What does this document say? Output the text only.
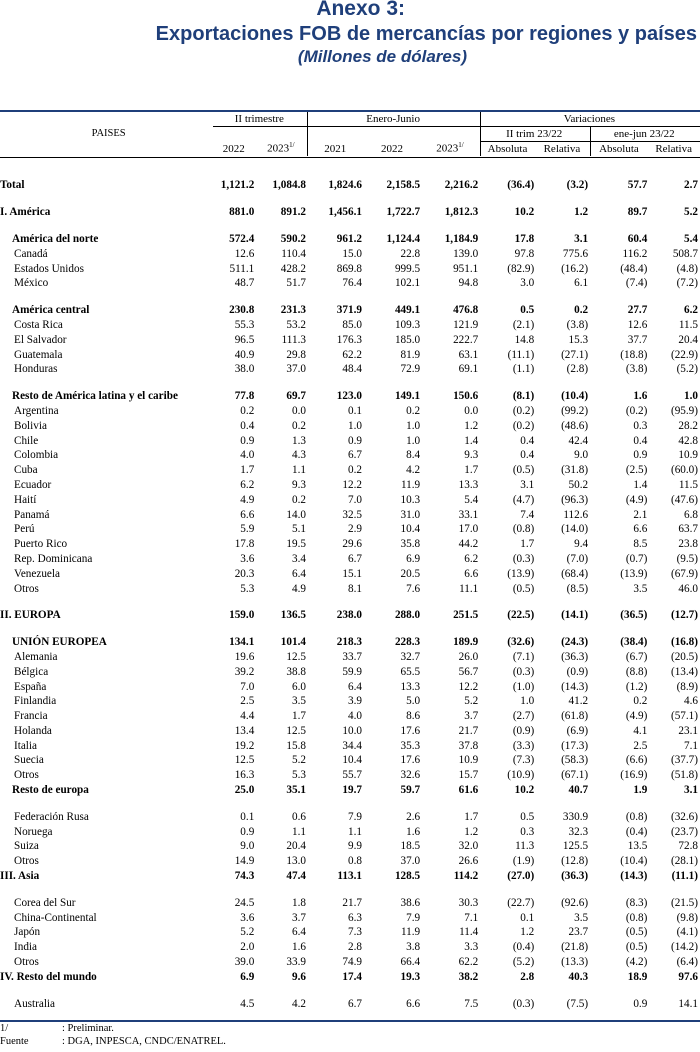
Anexo 3:
Exportaciones FOB de mercancías por regiones y países
(Millones de dólares)
	II trimestre		Enero-Junio			Variaciones			
PAISES	2022	$2023^{1/}$	2021	2022	$2023^{1/}$	II trim 23/22		ene-jun 23/22	
						Absoluta	Relativa	Absoluta	Relativa

Total	1,121.2	1,084.8	1,824.6	2,158.5	2,216.2	(36.4)	(3.2)	57.7	2.7

I. América	881.0	891.2	1,456.1	1,722.7	1,812.3	10.2	1.2	89.7	5.2

América del norte	572.4	590.2	961.2	1,124.4	1,184.9	17.8	3.1	60.4	5.4
Canadá	12.6	110.4	15.0	22.8	139.0	97.8	775.6	116.2	508.7
Estados Unidos	511.1	428.2	869.8	999.5	951.1	(82.9)	(16.2)	(48.4)	(4.8)
México	48.7	51.7	76.4	102.1	94.8	3.0	6.1	(7.4)	(7.2)

América central	230.8	231.3	371.9	449.1	476.8	0.5	0.2	27.7	6.2
Costa Rica	55.3	53.2	85.0	109.3	121.9	(2.1)	(3.8)	12.6	11.5
El Salvador	96.5	111.3	176.3	185.0	222.7	14.8	15.3	37.7	20.4
Guatemala	40.9	29.8	62.2	81.9	63.1	(11.1)	(27.1)	(18.8)	(22.9)
Honduras	38.0	37.0	48.4	72.9	69.1	(1.1)	(2.8)	(3.8)	(5.2)

Resto de América latina y el caribe	77.8	69.7	123.0	149.1	150.6	(8.1)	(10.4)	1.6	1.0
Argentina	0.2	0.0	0.1	0.2	0.0	(0.2)	(99.2)	(0.2)	(95.9)
Bolivia	0.4	0.2	1.0	1.0	1.2	(0.2)	(48.6)	0.3	28.2
Chile	0.9	1.3	0.9	1.0	1.4	0.4	42.4	0.4	42.8
Colombia	4.0	4.3	6.7	8.4	9.3	0.4	9.0	0.9	10.9
Cuba	1.7	1.1	0.2	4.2	1.7	(0.5)	(31.8)	(2.5)	(60.0)
Ecuador	6.2	9.3	12.2	11.9	13.3	3.1	50.2	1.4	11.5
Haití	4.9	0.2	7.0	10.3	5.4	(4.7)	(96.3)	(4.9)	(47.6)
Panamá	6.6	14.0	32.5	31.0	33.1	7.4	112.6	2.1	6.8
Perú	5.9	5.1	2.9	10.4	17.0	(0.8)	(14.0)	6.6	63.7
Puerto Rico	17.8	19.5	29.6	35.8	44.2	1.7	9.4	8.5	23.8
Rep. Dominicana	3.6	3.4	6.7	6.9	6.2	(0.3)	(7.0)	(0.7)	(9.5)
Venezuela	20.3	6.4	15.1	20.5	6.6	(13.9)	(68.4)	(13.9)	(67.9)
Otros	5.3	4.9	8.1	7.6	11.1	(0.5)	(8.5)	3.5	46.0

II. EUROPA	159.0	136.5	238.0	288.0	251.5	(22.5)	(14.1)	(36.5)	(12.7)

UNIÓN EUROPEA	134.1	101.4	218.3	228.3	189.9	(32.6)	(24.3)	(38.4)	(16.8)
Alemania	19.6	12.5	33.7	32.7	26.0	(7.1)	(36.3)	(6.7)	(20.5)
Bélgica	39.2	38.8	59.9	65.5	56.7	(0.3)	(0.9)	(8.8)	(13.4)
España	7.0	6.0	6.4	13.3	12.2	(1.0)	(14.3)	(1.2)	(8.9)
Finlandia	2.5	3.5	3.9	5.0	5.2	1.0	41.2	0.2	4.6
Francia	4.4	1.7	4.0	8.6	3.7	(2.7)	(61.8)	(4.9)	(57.1)
Holanda	13.4	12.5	10.0	17.6	21.7	(0.9)	(6.9)	4.1	23.1
Italia	19.2	15.8	34.4	35.3	37.8	(3.3)	(17.3)	2.5	7.1
Suecia	12.5	5.2	10.4	17.6	10.9	(7.3)	(58.3)	(6.6)	(37.7)
Otros	16.3	5.3	55.7	32.6	15.7	(10.9)	(67.1)	(16.9)	(51.8)
Resto de europa	25.0	35.1	19.7	59.7	61.6	10.2	40.7	1.9	3.1

Federación Rusa	0.1	0.6	7.9	2.6	1.7	0.5	330.9	(0.8)	(32.6)
Noruega	0.9	1.1	1.1	1.6	1.2	0.3	32.3	(0.4)	(23.7)
Suiza	9.0	20.4	9.9	18.5	32.0	11.3	125.5	13.5	72.8
Otros	14.9	13.0	0.8	37.0	26.6	(1.9)	(12.8)	(10.4)	(28.1)
III. Asia	74.3	47.4	113.1	128.5	114.2	(27.0)	(36.3)	(14.3)	(11.1)

Corea del Sur	24.5	1.8	21.7	38.6	30.3	(22.7)	(92.6)	(8.3)	(21.5)
China-Continental	3.6	3.7	6.3	7.9	7.1	0.1	3.5	(0.8)	(9.8)
Japón	5.2	6.4	7.3	11.9	11.4	1.2	23.7	(0.5)	(4.1)
India	2.0	1.6	2.8	3.8	3.3	(0.4)	(21.8)	(0.5)	(14.2)
Otros	39.0	33.9	74.9	66.4	62.2	(5.2)	(13.3)	(4.2)	(6.4)
IV. Resto del mundo	6.9	9.6	17.4	19.3	38.2	2.8	40.3	18.9	97.6

Australia	4.5	4.2	6.7	6.6	7.5	(0.3)	(7.5)	0.9	14.1
1/	: Preliminar.
Fuente	: DGA, INPESCA, CNDC/ENATREL.
